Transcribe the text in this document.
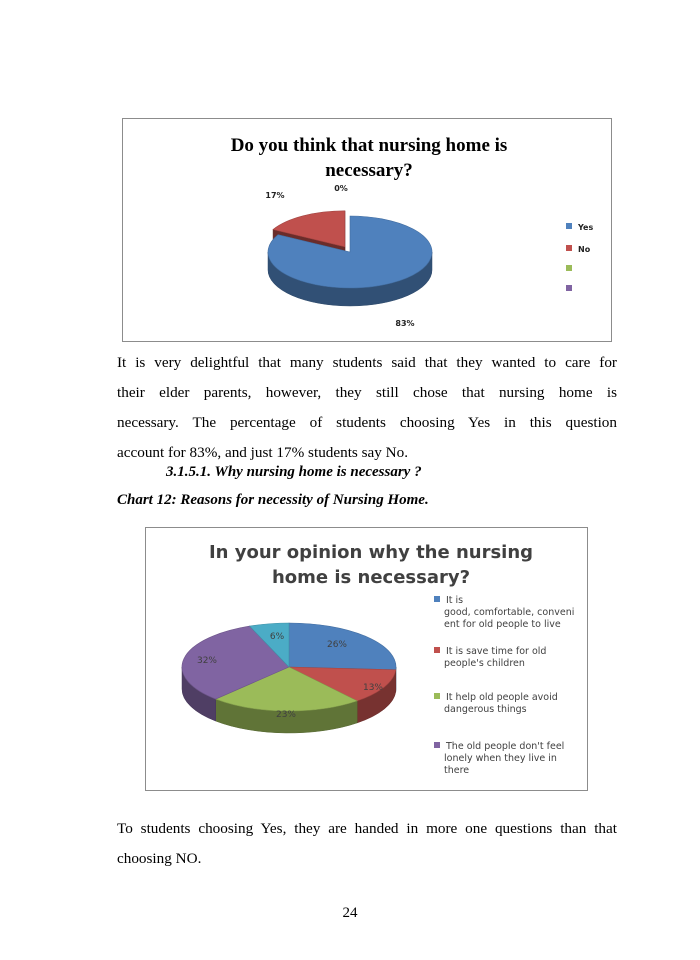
Do you think that nursing home is
necessary?
83%
17%
0%
Yes
No
It is very delightful that many students said that they wanted to care for
their elder parents, however, they still chose that nursing home is
necessary. The percentage of students choosing Yes in this question
account for 83%, and just 17% students say No.
3.1.5.1. Why nursing home is necessary ?
Chart 12: Reasons for necessity of Nursing Home.
In your opinion why the nursing
home is necessary?
26%
13%
23%
32%
6%
It is
good, comfortable, conveni
ent for old people to live
It is save time for old
people's children
It help old people avoid
dangerous things
The old people don't feel
lonely when they live in
there
To students choosing Yes, they are handed in more one questions than that
choosing NO.
24
